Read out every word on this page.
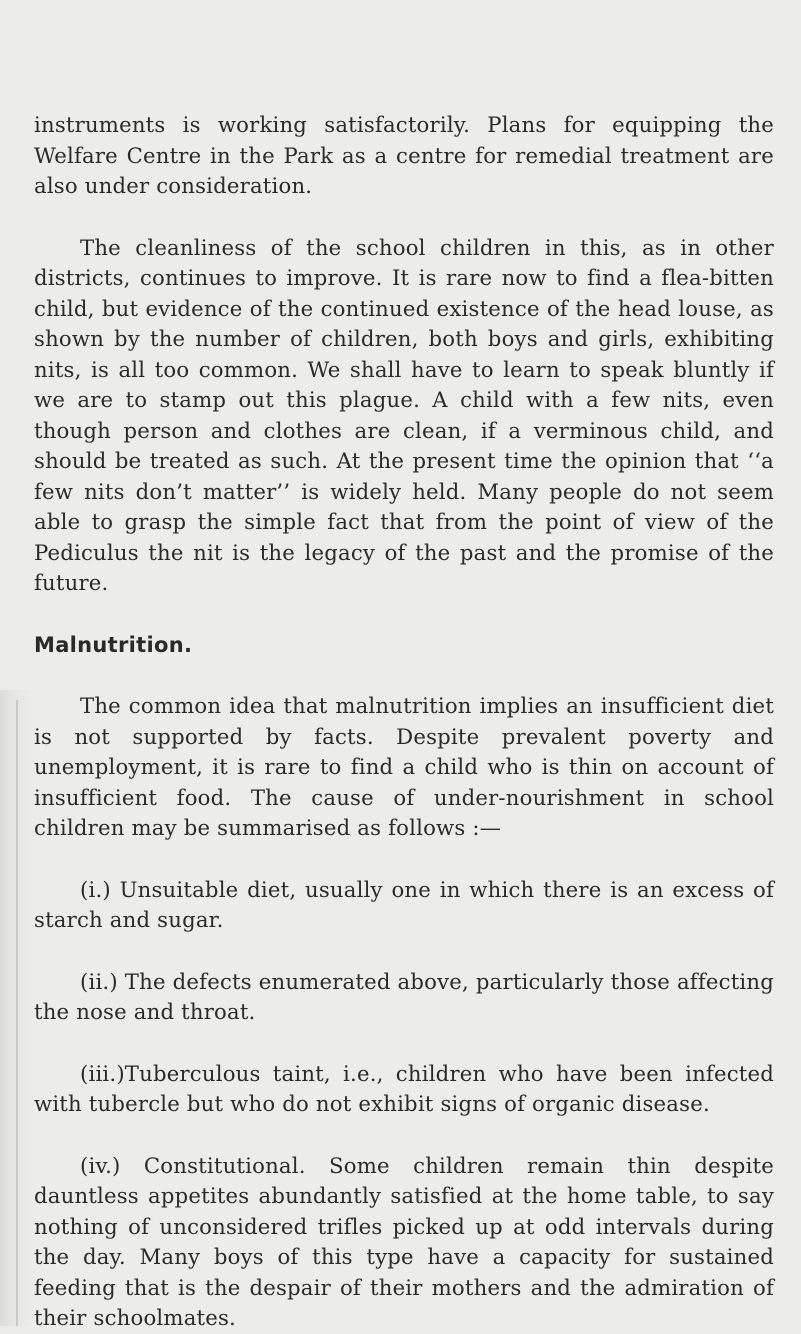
instruments is working satisfactorily. Plans for equipping the Welfare Centre in the Park as a centre for remedial treatment are also under consideration.

The cleanliness of the school children in this, as in other districts, continues to improve. It is rare now to find a flea-bitten child, but evidence of the continued existence of the head louse, as shown by the number of children, both boys and girls, exhibiting nits, is all too common. We shall have to learn to speak bluntly if we are to stamp out this plague. A child with a few nits, even though person and clothes are clean, if a verminous child, and should be treated as such. At the present time the opinion that ‘‘a few nits don’t matter’’ is widely held. Many people do not seem able to grasp the simple fact that from the point of view of the Pediculus the nit is the legacy of the past and the promise of the future.

Malnutrition.

The common idea that malnutrition implies an insufficient diet is not supported by facts. Despite prevalent poverty and unemployment, it is rare to find a child who is thin on account of insufficient food. The cause of under-nourishment in school children may be summarised as follows :—

(i.) Unsuitable diet, usually one in which there is an excess of starch and sugar.

(ii.) The defects enumerated above, particularly those affecting the nose and throat.

(iii.)Tuberculous taint, i.e., children who have been infected with tubercle but who do not exhibit signs of organic disease.

(iv.) Constitutional. Some children remain thin despite dauntless appetites abundantly satisfied at the home table, to say nothing of unconsidered trifles picked up at odd intervals during the day. Many boys of this type have a capacity for sustained feeding that is the despair of their mothers and the admiration of their schoolmates.
